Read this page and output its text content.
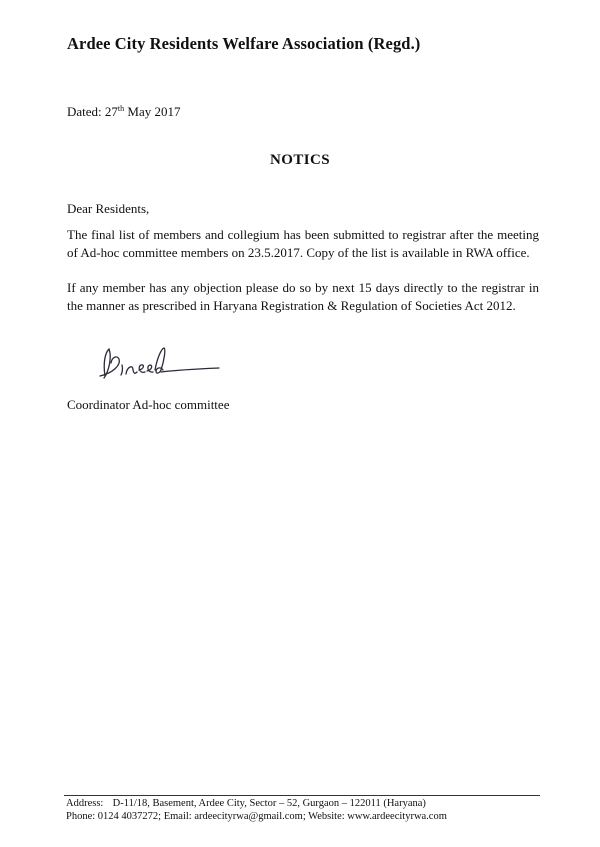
Ardee City Residents Welfare Association (Regd.)
Dated: 27th May 2017
NOTICS
Dear Residents,

The final list of members and collegium has been submitted to registrar after the meeting of Ad-hoc committee members on 23.5.2017. Copy of the list is available in RWA office.

If any member has any objection please do so by next 15 days directly to the registrar in the manner as prescribed in Haryana Registration & Regulation of Societies Act 2012.

Coordinator Ad-hoc committee
Address: D-11/18, Basement, Ardee City, Sector – 52, Gurgaon – 122011 (Haryana)
Phone: 0124 4037272; Email: ardeecityrwa@gmail.com; Website: www.ardeecityrwa.com
